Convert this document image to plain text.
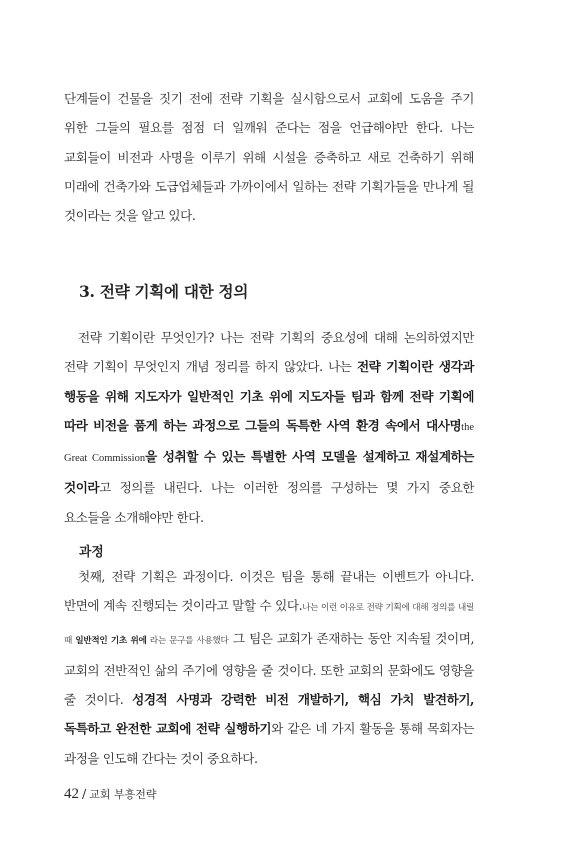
단계들이 건물을 짓기 전에 전략 기획을 실시함으로서 교회에 도움을 주기 위한 그들의 필요를 점점 더 일깨워 준다는 점을 언급해야만 한다. 나는 교회들이 비전과 사명을 이루기 위해 시설을 증축하고 새로 건축하기 위해 미래에 건축가와 도급업체들과 가까이에서 일하는 전략 기획가들을 만나게 될 것이라는 것을 알고 있다.

3. 전략 기획에 대한 정의

전략 기획이란 무엇인가? 나는 전략 기획의 중요성에 대해 논의하였지만 전략 기획이 무엇인지 개념 정리를 하지 않았다. 나는 전략 기획이란 생각과 행동을 위해 지도자가 일반적인 기초 위에 지도자들 팀과 함께 전략 기획에 따라 비전을 품게 하는 과정으로 그들의 독특한 사역 환경 속에서 대사명the Great Commission을 성취할 수 있는 특별한 사역 모델을 설계하고 재설계하는 것이라고 정의를 내린다. 나는 이러한 정의를 구성하는 몇 가지 중요한 요소들을 소개해야만 한다.

과정

첫째, 전략 기획은 과정이다. 이것은 팀을 통해 끝내는 이벤트가 아니다. 반면에 계속 진행되는 것이라고 말할 수 있다.나는 이런 이유로 전략 기획에 대해 정의를 내릴 때 일반적인 기초 위에 라는 문구를 사용했다 그 팀은 교회가 존재하는 동안 지속될 것이며, 교회의 전반적인 삶의 주기에 영향을 줄 것이다. 또한 교회의 문화에도 영향을 줄 것이다. 성경적 사명과 강력한 비전 개발하기, 핵심 가치 발견하기, 독특하고 완전한 교회에 전략 실행하기와 같은 네 가지 활동을 통해 목회자는 과정을 인도해 간다는 것이 중요하다.

42 / 교회 부흥전략
